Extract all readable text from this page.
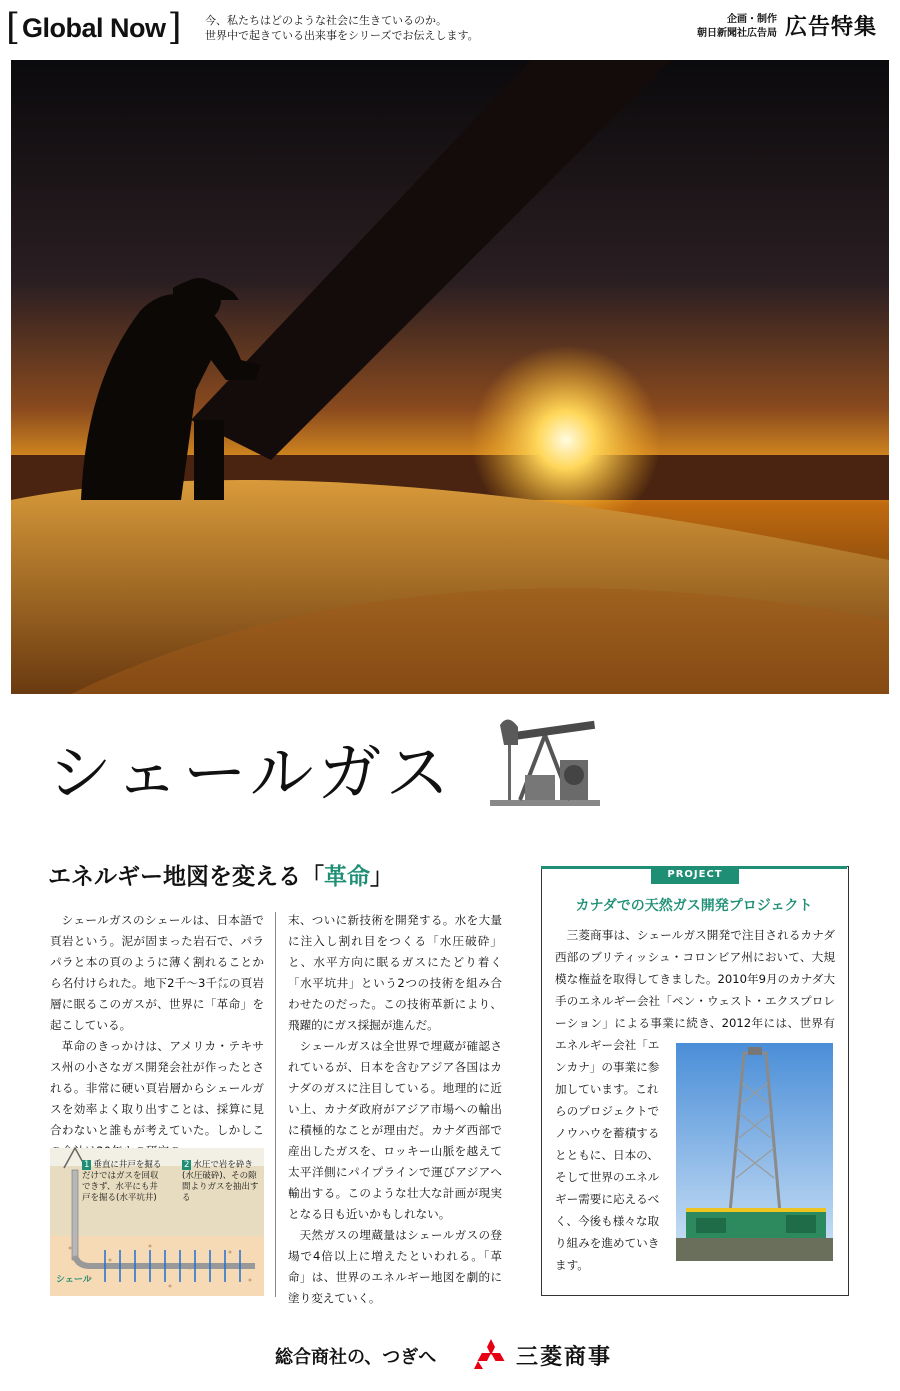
[ Global Now ] 今、私たちはどのような社会に生きているのか。
世界中で起きている出来事をシリーズでお伝えします。
企画・制作
朝日新聞社広告局 広告特集
シェールガス
エネルギー地図を変える「革命」

シェールガスのシェールは、日本語で頁岩という。泥が固まった岩石で、パラパラと本の頁のように薄く割れることから名付けられた。地下2千〜3千㍍の頁岩層に眠るこのガスが、世界に「革命」を起こしている。

革命のきっかけは、アメリカ・テキサス州の小さなガス開発会社が作ったとされる。非常に硬い頁岩層からシェールガスを効率よく取り出すことは、採算に見合わないと誰もが考えていた。しかしこ

末、ついに新技術を開発する。水を大量に注入し割れ目をつくる「水圧破砕」と、水平方向に眠るガスにたどり着く「水平坑井」という2つの技術を組み合わせたのだった。この技術革新により、飛躍的にガス採掘が進んだ。

シェールガスは全世界で埋蔵が確認されているが、日本を含むアジア各国はカナダのガスに注目している。地理的に近い上、カナダ政府がアジア市場への輸出に積極的なことが理由だ。カナダ西部で産出したガスを、ロッキー山脈を越えて太平洋側にパイプラインで運びアジアへ輸出する。このような壮大な計画が現実となる日も近いかもしれない。

天然ガスの埋蔵量はシェールガスの登場で4倍以上に増えたといわれる。「革命」は、世界のエネルギー地図を劇的に塗り変えていく。

1 垂直に井戸を掘るだけではガスを回収できず、水平にも井戸を掘る(水平坑井)
2 水圧で岩を砕き(水圧破砕)、その隙間よりガスを抽出する
シェール
PROJECT
カナダでの天然ガス開発プロジェクト
三菱商事は、シェールガス開発で注目されるカナダ西部のブリティッシュ・コロンビア州において、大規模な権益を取得してきました。2010年9月のカナダ大手のエネルギー会社「ペン・ウェスト・エクスプロレーション」による事業に続き、2012年には、世界有
エネルギー会社「エンカナ」の事業に参加しています。これらのプロジェクトでノウハウを蓄積するとともに、日本の、そして世界のエネルギー需要に応えるべく、今後も様々な取り組みを進めていきます。
総合商社の、つぎへ	三菱商事
